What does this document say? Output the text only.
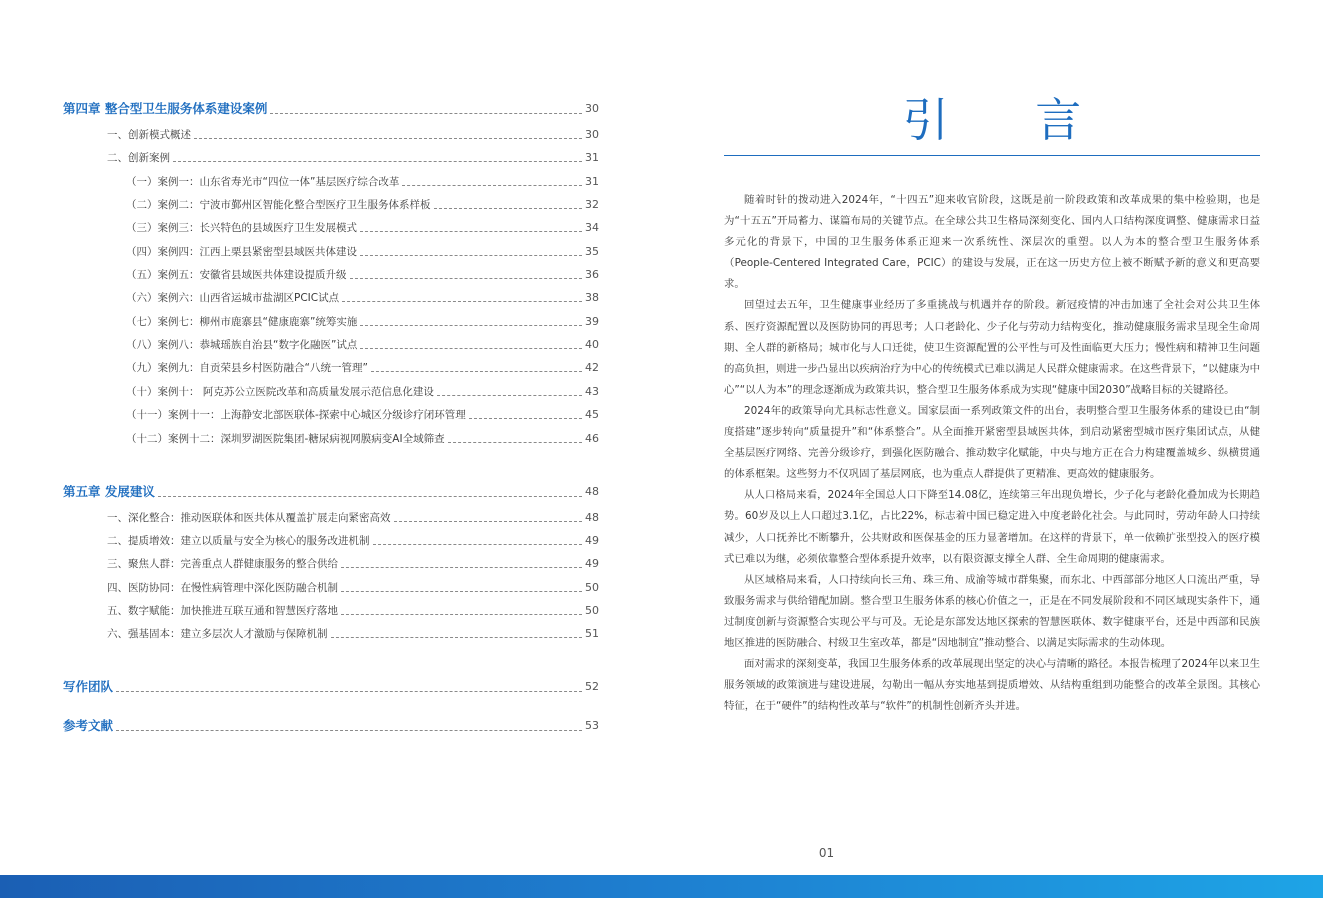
第四章 整合型卫生服务体系建设案例	30
一、创新模式概述	30
二、创新案例	31
（一）案例一：山东省寿光市“四位一体”基层医疗综合改革	31
（二）案例二：宁波市鄞州区智能化整合型医疗卫生服务体系样板	32
（三）案例三：长兴特色的县域医疗卫生发展模式	34
（四）案例四：江西上栗县紧密型县域医共体建设	35
（五）案例五：安徽省县域医共体建设提质升级	36
（六）案例六：山西省运城市盐湖区PCIC试点	38
（七）案例七：柳州市鹿寨县“健康鹿寨”统筹实施	39
（八）案例八：恭城瑶族自治县“数字化融医”试点	40
（九）案例九：自贡荣县乡村医防融合“八统一管理”	42
（十）案例十： 阿克苏公立医院改革和高质量发展示范信息化建设	43
（十一）案例十一：上海静安北部医联体-探索中心城区分级诊疗闭环管理	45
（十二）案例十二：深圳罗湖医院集团-糖尿病视网膜病变AI全域筛查	46
第五章 发展建议	48
一、深化整合：推动医联体和医共体从覆盖扩展走向紧密高效	48
二、提质增效：建立以质量与安全为核心的服务改进机制	49
三、聚焦人群：完善重点人群健康服务的整合供给	49
四、医防协同：在慢性病管理中深化医防融合机制	50
五、数字赋能：加快推进互联互通和智慧医疗落地	50
六、强基固本：建立多层次人才激励与保障机制	51
写作团队	52
参考文献	53
引 言

随着时针的拨动进入2024年，“十四五”迎来收官阶段，这既是前一阶段政策和改革成果的集中检验期，也是为“十五五”开局蓄力、谋篇布局的关键节点。在全球公共卫生格局深刻变化、国内人口结构深度调整、健康需求日益多元化的背景下，中国的卫生服务体系正迎来一次系统性、深层次的重塑。以人为本的整合型卫生服务体系（People-Centered Integrated Care，PCIC）的建设与发展，正在这一历史方位上被不断赋予新的意义和更高要求。

回望过去五年，卫生健康事业经历了多重挑战与机遇并存的阶段。新冠疫情的冲击加速了全社会对公共卫生体系、医疗资源配置以及医防协同的再思考；人口老龄化、少子化与劳动力结构变化，推动健康服务需求呈现全生命周期、全人群的新格局；城市化与人口迁徙，使卫生资源配置的公平性与可及性面临更大压力；慢性病和精神卫生问题的高负担，则进一步凸显出以疾病治疗为中心的传统模式已难以满足人民群众健康需求。在这些背景下，“以健康为中心”“以人为本”的理念逐渐成为政策共识，整合型卫生服务体系成为实现“健康中国2030”战略目标的关键路径。

2024年的政策导向尤具标志性意义。国家层面一系列政策文件的出台，表明整合型卫生服务体系的建设已由“制度搭建”逐步转向“质量提升”和“体系整合”。从全面推开紧密型县域医共体，到启动紧密型城市医疗集团试点，从健全基层医疗网络、完善分级诊疗，到强化医防融合、推动数字化赋能，中央与地方正在合力构建覆盖城乡、纵横贯通的体系框架。这些努力不仅巩固了基层网底，也为重点人群提供了更精准、更高效的健康服务。

从人口格局来看，2024年全国总人口下降至14.08亿，连续第三年出现负增长，少子化与老龄化叠加成为长期趋势。60岁及以上人口超过3.1亿，占比22%，标志着中国已稳定进入中度老龄化社会。与此同时，劳动年龄人口持续减少，人口抚养比不断攀升，公共财政和医保基金的压力显著增加。在这样的背景下，单一依赖扩张型投入的医疗模式已难以为继，必须依靠整合型体系提升效率，以有限资源支撑全人群、全生命周期的健康需求。

从区域格局来看，人口持续向长三角、珠三角、成渝等城市群集聚，而东北、中西部部分地区人口流出严重，导致服务需求与供给错配加剧。整合型卫生服务体系的核心价值之一，正是在不同发展阶段和不同区域现实条件下，通过制度创新与资源整合实现公平与可及。无论是东部发达地区探索的智慧医联体、数字健康平台，还是中西部和民族地区推进的医防融合、村级卫生室改革，都是“因地制宜”推动整合、以满足实际需求的生动体现。

面对需求的深刻变革，我国卫生服务体系的改革展现出坚定的决心与清晰的路径。本报告梳理了2024年以来卫生服务领域的政策演进与建设进展，勾勒出一幅从夯实地基到提质增效、从结构重组到功能整合的改革全景图。其核心特征，在于“硬件”的结构性改革与“软件”的机制性创新齐头并进。

01
